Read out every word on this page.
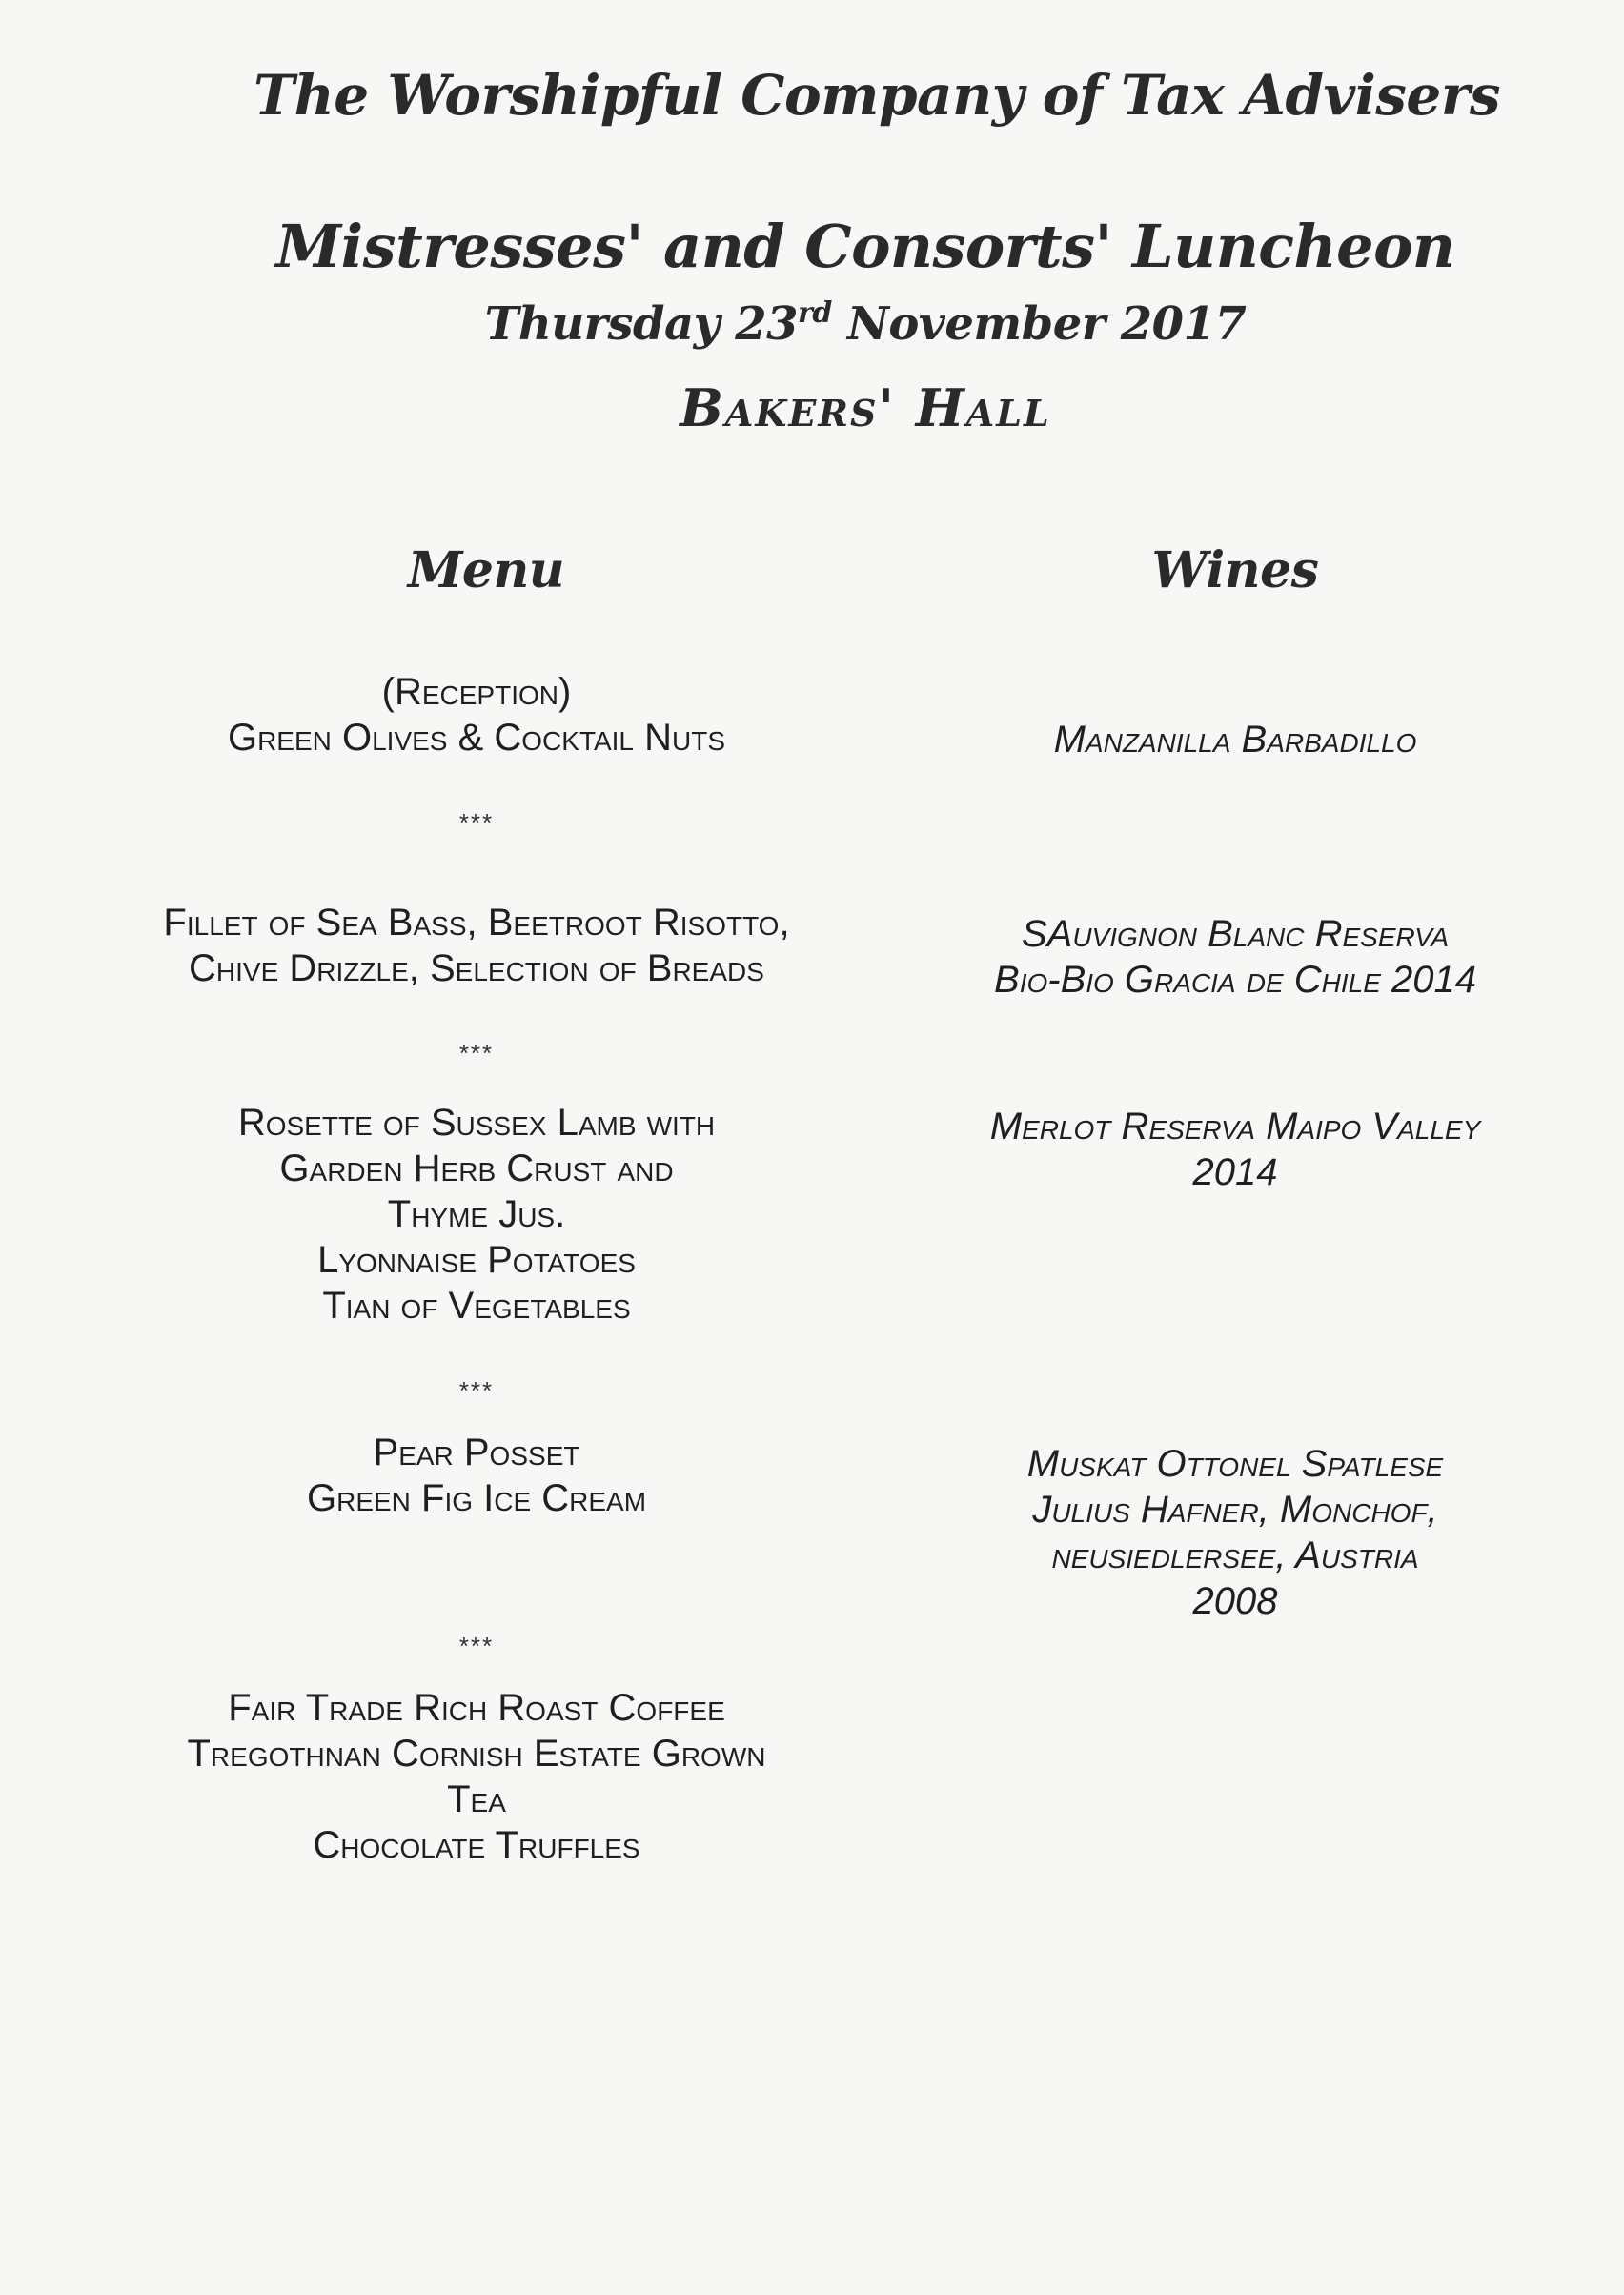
The Worshipful Company of Tax Advisers
Mistresses' and Consorts' Luncheon
Thursday 23rd November 2017
Bakers' Hall
Menu	Wines
(Reception)
Green Olives & Cocktail Nuts
***
Fillet of Sea Bass, Beetroot Risotto,
Chive Drizzle, Selection of Breads
***
Rosette of Sussex Lamb with
Garden Herb Crust and
Thyme Jus.
Lyonnaise Potatoes
Tian of Vegetables
***
Pear Posset
Green Fig Ice Cream
***
Fair Trade Rich Roast Coffee
Tregothnan Cornish Estate Grown
Tea
Chocolate Truffles
Manzanilla Barbadillo
SAuvignon Blanc Reserva
Bio-Bio Gracia de Chile 2014
Merlot Reserva Maipo Valley
2014
Muskat Ottonel Spatlese
Julius Hafner, Monchof,
neusiedlersee, Austria
2008
